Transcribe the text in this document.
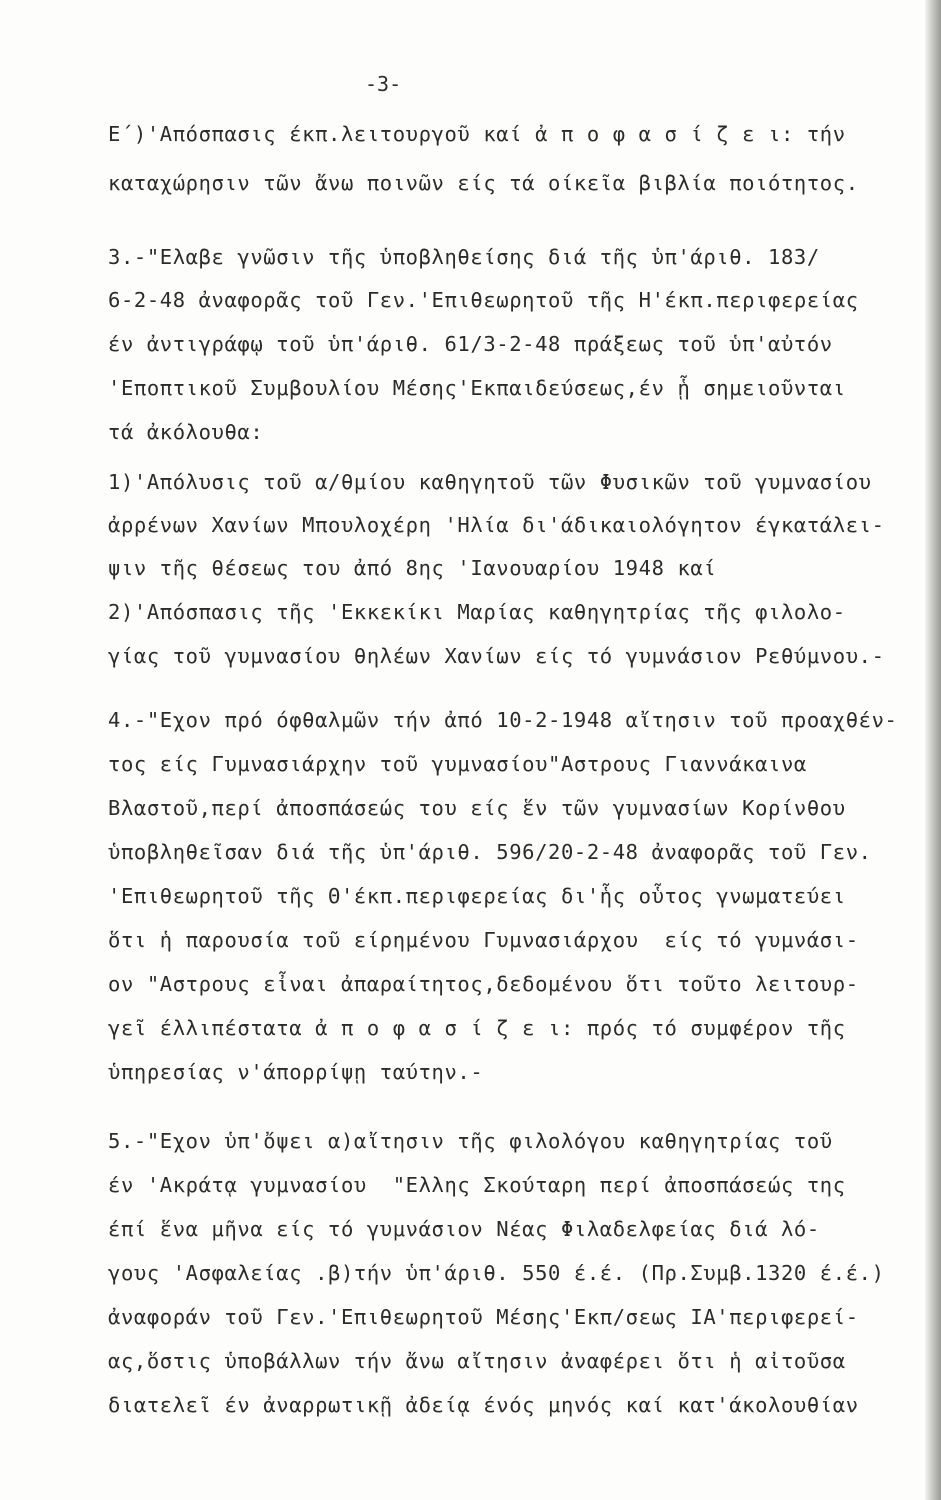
-3-
Ε΄)'Απόσπασις έκπ.λειτουργοῦ καί ἀ π ο φ α σ ί ζ ε ι: τήν
καταχώρησιν τῶν ἄνω ποινῶν είς τά οίκεῖα βιβλία ποιότητος.
3.-"Ελαβε γνῶσιν τῆς ὑποβληθείσης διά τῆς ὑπ'άριθ. 183/
6-2-48 ἀναφορᾶς τοῦ Γεν.'Επιθεωρητοῦ τῆς Η'έκπ.περιφερείας
έν ἀντιγράφῳ τοῦ ὑπ'άριθ. 61/3-2-48 πράξεως τοῦ ὑπ'αὐτόν
'Εποπτικοῦ Συμβουλίου Μέσης'Εκπαιδεύσεως,έν ᾗ σημειοῦνται
τά ἀκόλουθα:
1)'Απόλυσις τοῦ α/θμίου καθηγητοῦ τῶν Φυσικῶν τοῦ γυμνασίου
ἀρρένων Χανίων Μπουλοχέρη 'Ηλία δι'άδικαιολόγητον έγκατάλει-
ψιν τῆς θέσεως του ἀπό 8ης 'Ιανουαρίου 1948 καί
2)'Απόσπασις τῆς 'Εκκεκίκι Μαρίας καθηγητρίας τῆς φιλολο-
γίας τοῦ γυμνασίου θηλέων Χανίων είς τό γυμνάσιον Ρεθύμνου.-
4.-"Εχον πρό όφθαλμῶν τήν ἀπό 10-2-1948 αἴτησιν τοῦ προαχθέν-
τος είς Γυμνασιάρχην τοῦ γυμνασίου"Αστρους Γιαννάκαινα
Βλαστοῦ,περί ἀποσπάσεώς του είς ἕν τῶν γυμνασίων Κορίνθου
ὑποβληθεῖσαν διά τῆς ὑπ'άριθ. 596/20-2-48 ἀναφορᾶς τοῦ Γεν.
'Επιθεωρητοῦ τῆς Θ'έκπ.περιφερείας δι'ἧς οὗτος γνωματεύει
ὅτι ἡ παρουσία τοῦ είρημένου Γυμνασιάρχου  είς τό γυμνάσι-
ον "Αστρους εἶναι ἀπαραίτητος,δεδομένου ὅτι τοῦτο λειτουρ-
γεῖ έλλιπέστατα ἀ π ο φ α σ ί ζ ε ι: πρός τό συμφέρον τῆς
ὑπηρεσίας ν'άπορρίψῃ ταύτην.-
5.-"Εχον ὑπ'ὄψει α)αἴτησιν τῆς φιλολόγου καθηγητρίας τοῦ
έν 'Ακράτᾳ γυμνασίου  "Ελλης Σκούταρη περί ἀποσπάσεώς της
έπί ἕνα μῆνα είς τό γυμνάσιον Νέας Φιλαδελφείας διά λό-
γους 'Ασφαλείας .β)τήν ὑπ'άριθ. 550 έ.έ. (Πρ.Συμβ.1320 έ.έ.)
ἀναφοράν τοῦ Γεν.'Επιθεωρητοῦ Μέσης'Εκπ/σεως ΙΑ'περιφερεί-
ας,ὅστις ὑποβάλλων τήν ἄνω αἴτησιν ἀναφέρει ὅτι ἡ αἰτοῦσα
διατελεῖ έν ἀναρρωτικῇ ἀδείᾳ ένός μηνός καί κατ'άκολουθίαν
